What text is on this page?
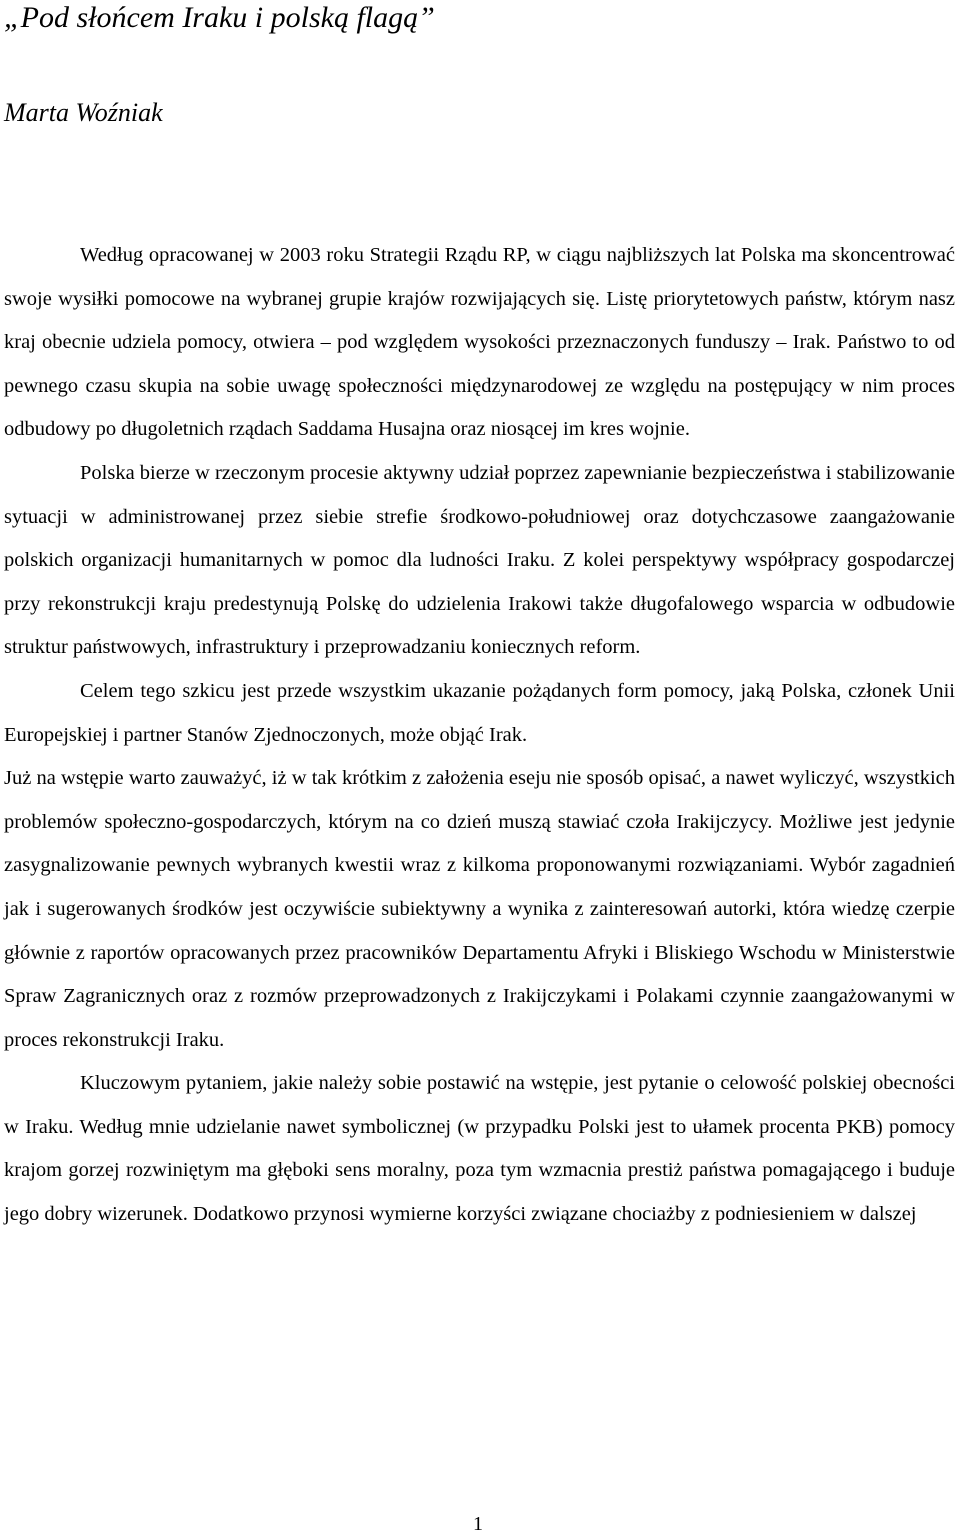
„Pod słońcem Iraku i polską flagą”
Marta Woźniak

Według opracowanej w 2003 roku Strategii Rządu RP, w ciągu najbliższych lat Polska ma skoncentrować swoje wysiłki pomocowe na wybranej grupie krajów rozwijających się. Listę priorytetowych państw, którym nasz kraj obecnie udziela pomocy, otwiera – pod względem wysokości przeznaczonych funduszy – Irak. Państwo to od pewnego czasu skupia na sobie uwagę społeczności międzynarodowej ze względu na postępujący w nim proces odbudowy po długoletnich rządach Saddama Husajna oraz niosącej im kres wojnie.

Polska bierze w rzeczonym procesie aktywny udział poprzez zapewnianie bezpieczeństwa i stabilizowanie sytuacji w administrowanej przez siebie strefie środkowo-południowej oraz dotychczasowe zaangażowanie polskich organizacji humanitarnych w pomoc dla ludności Iraku. Z kolei perspektywy współpracy gospodarczej przy rekonstrukcji kraju predestynują Polskę do udzielenia Irakowi także długofalowego wsparcia w odbudowie struktur państwowych, infrastruktury i przeprowadzaniu koniecznych reform.

Celem tego szkicu jest przede wszystkim ukazanie pożądanych form pomocy, jaką Polska, członek Unii Europejskiej i partner Stanów Zjednoczonych, może objąć Irak.

Już na wstępie warto zauważyć, iż w tak krótkim z założenia eseju nie sposób opisać, a nawet wyliczyć, wszystkich problemów społeczno-gospodarczych, którym na co dzień muszą stawiać czoła Irakijczycy. Możliwe jest jedynie zasygnalizowanie pewnych wybranych kwestii wraz z kilkoma proponowanymi rozwiązaniami. Wybór zagadnień jak i sugerowanych środków jest oczywiście subiektywny a wynika z zainteresowań autorki, która wiedzę czerpie głównie z raportów opracowanych przez pracowników Departamentu Afryki i Bliskiego Wschodu w Ministerstwie Spraw Zagranicznych oraz z rozmów przeprowadzonych z Irakijczykami i Polakami czynnie zaangażowanymi w proces rekonstrukcji Iraku.

Kluczowym pytaniem, jakie należy sobie postawić na wstępie, jest pytanie o celowość polskiej obecności w Iraku. Według mnie udzielanie nawet symbolicznej (w przypadku Polski jest to ułamek procenta PKB) pomocy krajom gorzej rozwiniętym ma głęboki sens moralny, poza tym wzmacnia prestiż państwa pomagającego i buduje jego dobry wizerunek. Dodatkowo przynosi wymierne korzyści związane chociażby z podniesieniem w dalszej

1
